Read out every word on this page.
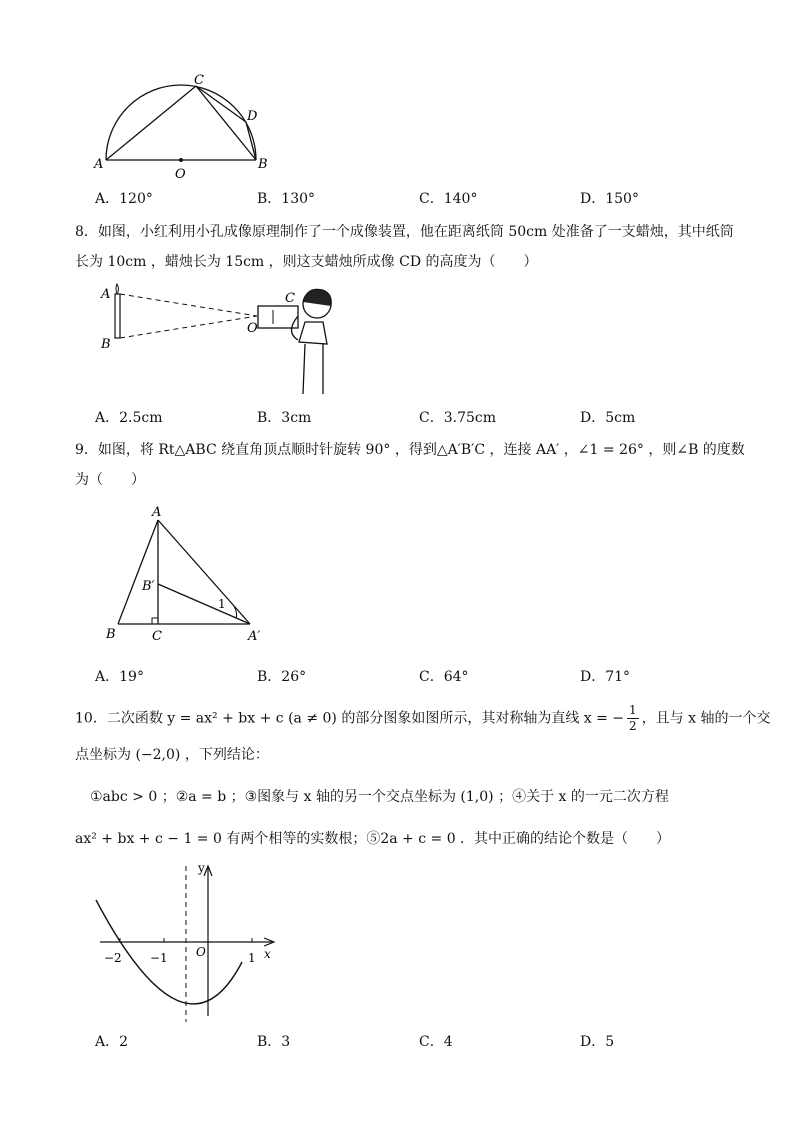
C
D
A	B
O
A．120°	B．130°	C．140°	D．150°
8．如图，小红利用小孔成像原理制作了一个成像装置，他在距离纸筒 50cm 处准备了一支蜡烛，其中纸筒
长为 10cm ，蜡烛长为 15cm ，则这支蜡烛所成像 CD 的高度为（　　）
A
B
C
O
A．2.5cm	B．3cm	C．3.75cm	D．5cm
9．如图，将 Rt△ABC 绕直角顶点顺时针旋转 90° ，得到△A′B′C ，连接 AA′ ，∠1 = 26° ，则∠B 的度数
为（　　）
A
B′
1
B	C	A′
A．19°	B．26°	C．64°	D．71°
10．二次函数 y = ax² + bx + c (a ≠ 0) 的部分图象如图所示，其对称轴为直线 x = − $\frac{1}{2}$ ，且与 x 轴的一个交
点坐标为 (−2,0) ，下列结论：
①abc > 0 ；②a = b ；③图象与 x 轴的另一个交点坐标为 (1,0) ；④关于 x 的一元二次方程
ax² + bx + c − 1 = 0 有两个相等的实数根；⑤2a + c = 0 ．其中正确的结论个数是（　　）
y
x
O
−2 −1	1
A．2	B．3	C．4	D．5
